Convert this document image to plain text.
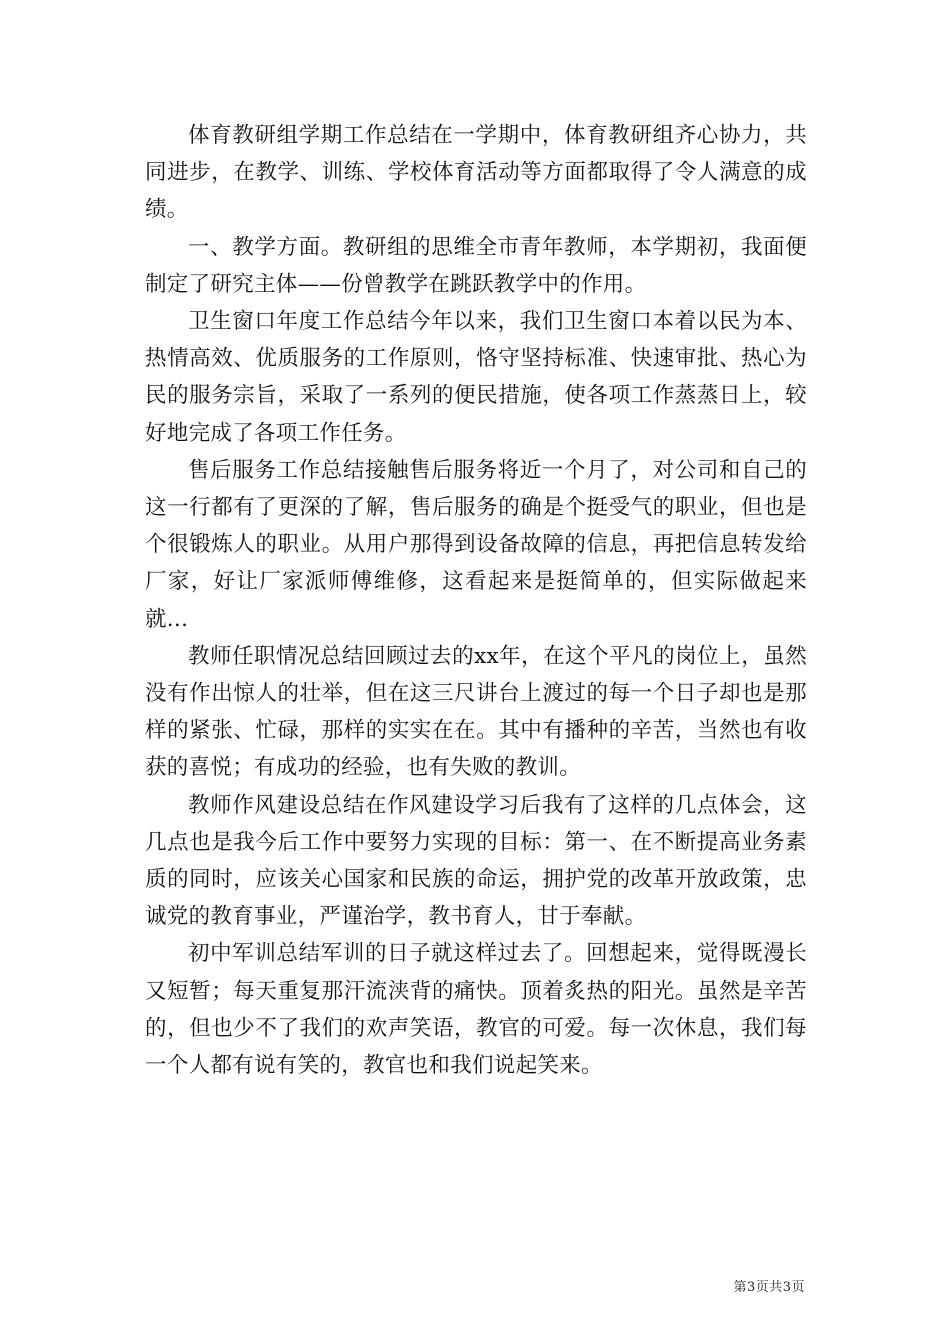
体育教研组学期工作总结在一学期中，体育教研组齐心协力，共同进步，在教学、训练、学校体育活动等方面都取得了令人满意的成绩。

一、教学方面。教研组的思维全市青年教师，本学期初，我面便制定了研究主体——份曾教学在跳跃教学中的作用。

卫生窗口年度工作总结今年以来，我们卫生窗口本着以民为本、热情高效、优质服务的工作原则，恪守坚持标准、快速审批、热心为民的服务宗旨，采取了一系列的便民措施，使各项工作蒸蒸日上，较好地完成了各项工作任务。

售后服务工作总结接触售后服务将近一个月了，对公司和自己的这一行都有了更深的了解，售后服务的确是个挺受气的职业，但也是个很锻炼人的职业。从用户那得到设备故障的信息，再把信息转发给厂家，好让厂家派师傅维修，这看起来是挺简单的，但实际做起来就...

教师任职情况总结回顾过去的xx年，在这个平凡的岗位上，虽然没有作出惊人的壮举，但在这三尺讲台上渡过的每一个日子却也是那样的紧张、忙碌，那样的实实在在。其中有播种的辛苦，当然也有收获的喜悦；有成功的经验，也有失败的教训。

教师作风建设总结在作风建设学习后我有了这样的几点体会，这几点也是我今后工作中要努力实现的目标：第一、在不断提高业务素质的同时，应该关心国家和民族的命运，拥护党的改革开放政策，忠诚党的教育事业，严谨治学，教书育人，甘于奉献。

初中军训总结军训的日子就这样过去了。回想起来，觉得既漫长又短暂；每天重复那汗流浃背的痛快。顶着炙热的阳光。虽然是辛苦的，但也少不了我们的欢声笑语，教官的可爱。每一次休息，我们每一个人都有说有笑的，教官也和我们说起笑来。

第3页共3页
